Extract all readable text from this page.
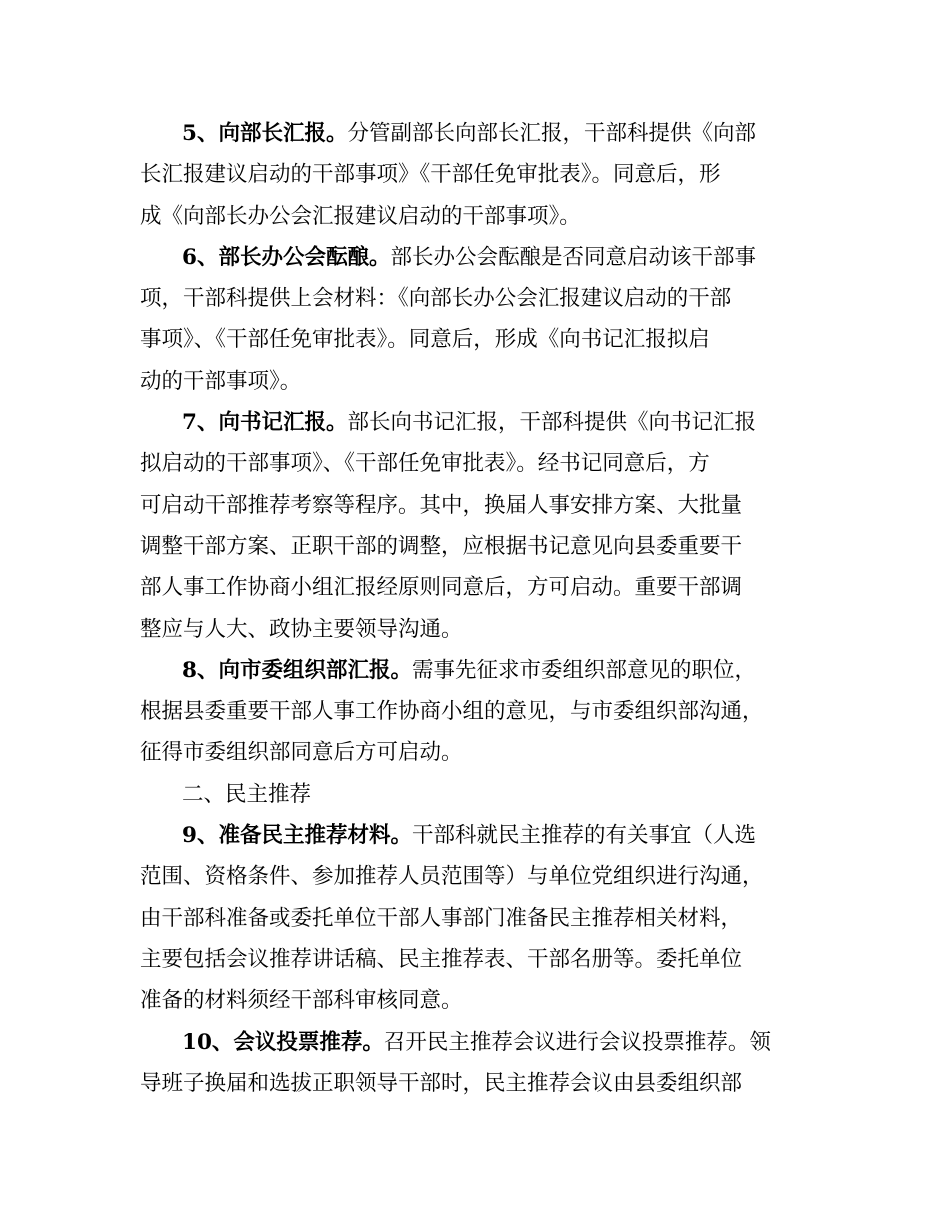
5、向部长汇报。分管副部长向部长汇报，干部科提供《向部
长汇报建议启动的干部事项》《干部任免审批表》。同意后，形
成《向部长办公会汇报建议启动的干部事项》。
6、部长办公会酝酿。部长办公会酝酿是否同意启动该干部事
项，干部科提供上会材料：《向部长办公会汇报建议启动的干部
事项》、《干部任免审批表》。同意后，形成《向书记汇报拟启
动的干部事项》。
7、向书记汇报。部长向书记汇报，干部科提供《向书记汇报
拟启动的干部事项》、《干部任免审批表》。经书记同意后，方
可启动干部推荐考察等程序。其中，换届人事安排方案、大批量
调整干部方案、正职干部的调整，应根据书记意见向县委重要干
部人事工作协商小组汇报经原则同意后，方可启动。重要干部调
整应与人大、政协主要领导沟通。
8、向市委组织部汇报。需事先征求市委组织部意见的职位，
根据县委重要干部人事工作协商小组的意见，与市委组织部沟通，
征得市委组织部同意后方可启动。
二、民主推荐
9、准备民主推荐材料。干部科就民主推荐的有关事宜（人选
范围、资格条件、参加推荐人员范围等）与单位党组织进行沟通，
由干部科准备或委托单位干部人事部门准备民主推荐相关材料，
主要包括会议推荐讲话稿、民主推荐表、干部名册等。委托单位
准备的材料须经干部科审核同意。
10、会议投票推荐。召开民主推荐会议进行会议投票推荐。领
导班子换届和选拔正职领导干部时，民主推荐会议由县委组织部
